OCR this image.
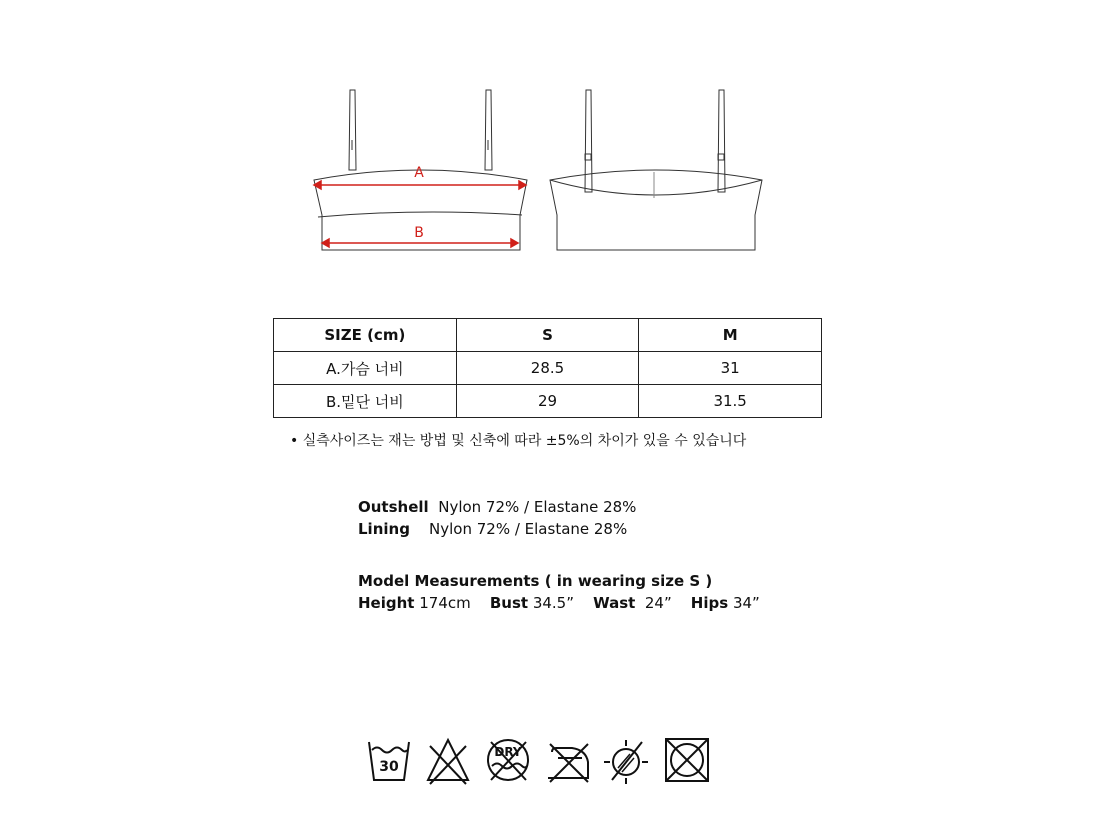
A
B
SIZE (cm)	S	M
A.가슴 너비	28.5	31
B.밑단 너비	29	31.5
• 실측사이즈는 재는 방법 및 신축에 따라 ±5%의 차이가 있을 수 있습니다
Outshell Nylon 72% / Elastane 28%
Lining Nylon 72% / Elastane 28%
Model Measurements ( in wearing size S )
Height 174cm Bust 34.5” Wast 24” Hips 34”
30
DRY
